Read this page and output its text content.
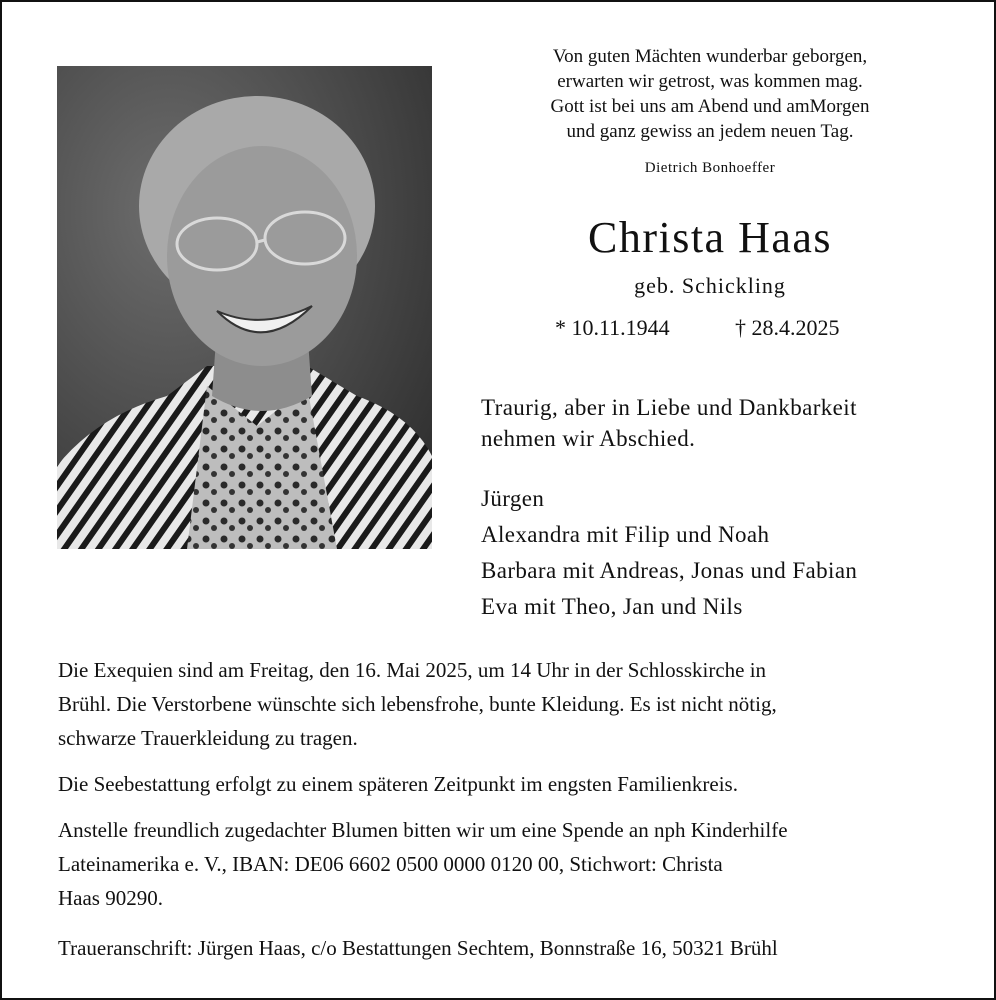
Von guten Mächten wunderbar geborgen,
erwarten wir getrost, was kommen mag.
Gott ist bei uns am Abend und amMorgen
und ganz gewiss an jedem neuen Tag.
Dietrich Bonhoeffer
Christa Haas
geb. Schickling
* 10.11.1944	† 28.4.2025
Traurig, aber in Liebe und Dankbarkeit
nehmen wir Abschied.
Jürgen
Alexandra mit Filip und Noah
Barbara mit Andreas, Jonas und Fabian
Eva mit Theo, Jan und Nils
Die Exequien sind am Freitag, den 16. Mai 2025, um 14 Uhr in der Schlosskirche in
Brühl. Die Verstorbene wünschte sich lebensfrohe, bunte Kleidung. Es ist nicht nötig,
schwarze Trauerkleidung zu tragen.
Die Seebestattung erfolgt zu einem späteren Zeitpunkt im engsten Familienkreis.
Anstelle freundlich zugedachter Blumen bitten wir um eine Spende an nph Kinderhilfe
Lateinamerika e. V., IBAN: DE06 6602 0500 0000 0120 00, Stichwort: Christa
Haas 90290.
Traueranschrift: Jürgen Haas, c/o Bestattungen Sechtem, Bonnstraße 16, 50321 Brühl
